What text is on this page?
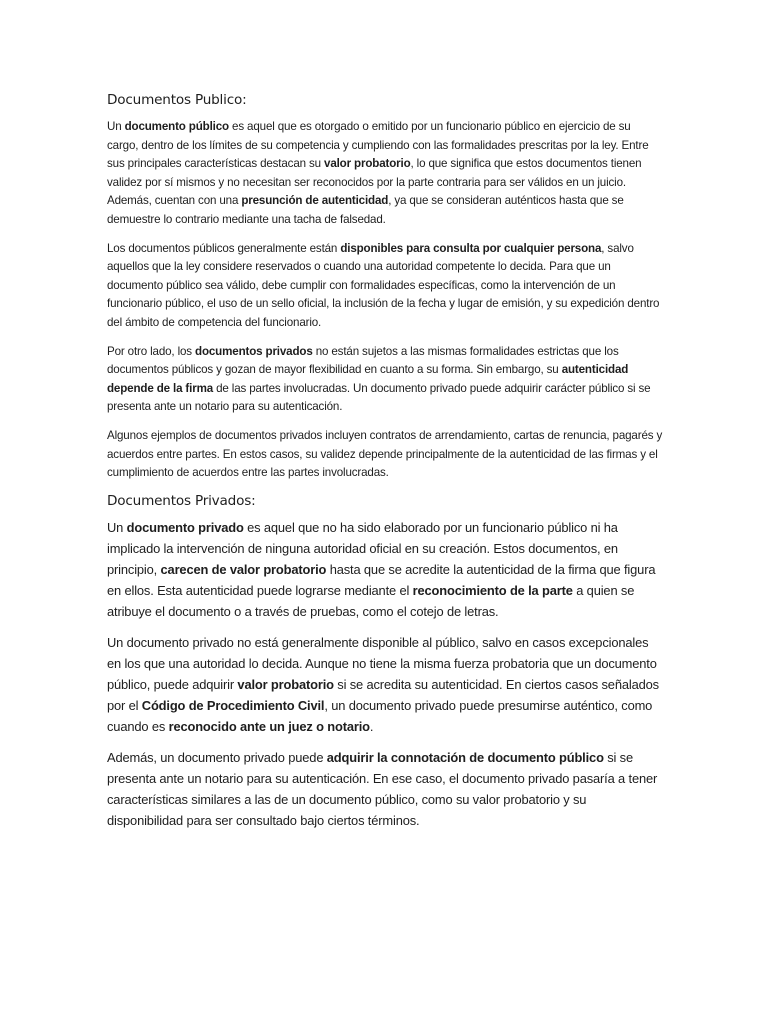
Documentos Publico:

Un documento público es aquel que es otorgado o emitido por un funcionario público en ejercicio de su cargo, dentro de los límites de su competencia y cumpliendo con las formalidades prescritas por la ley. Entre sus principales características destacan su valor probatorio, lo que significa que estos documentos tienen validez por sí mismos y no necesitan ser reconocidos por la parte contraria para ser válidos en un juicio. Además, cuentan con una presunción de autenticidad, ya que se consideran auténticos hasta que se demuestre lo contrario mediante una tacha de falsedad.

Los documentos públicos generalmente están disponibles para consulta por cualquier persona, salvo aquellos que la ley considere reservados o cuando una autoridad competente lo decida. Para que un documento público sea válido, debe cumplir con formalidades específicas, como la intervención de un funcionario público, el uso de un sello oficial, la inclusión de la fecha y lugar de emisión, y su expedición dentro del ámbito de competencia del funcionario.

Por otro lado, los documentos privados no están sujetos a las mismas formalidades estrictas que los documentos públicos y gozan de mayor flexibilidad en cuanto a su forma. Sin embargo, su autenticidad depende de la firma de las partes involucradas. Un documento privado puede adquirir carácter público si se presenta ante un notario para su autenticación.

Algunos ejemplos de documentos privados incluyen contratos de arrendamiento, cartas de renuncia, pagarés y acuerdos entre partes. En estos casos, su validez depende principalmente de la autenticidad de las firmas y el cumplimiento de acuerdos entre las partes involucradas.

Documentos Privados:

Un documento privado es aquel que no ha sido elaborado por un funcionario público ni ha implicado la intervención de ninguna autoridad oficial en su creación. Estos documentos, en principio, carecen de valor probatorio hasta que se acredite la autenticidad de la firma que figura en ellos. Esta autenticidad puede lograrse mediante el reconocimiento de la parte a quien se atribuye el documento o a través de pruebas, como el cotejo de letras.

Un documento privado no está generalmente disponible al público, salvo en casos excepcionales en los que una autoridad lo decida. Aunque no tiene la misma fuerza probatoria que un documento público, puede adquirir valor probatorio si se acredita su autenticidad. En ciertos casos señalados por el Código de Procedimiento Civil, un documento privado puede presumirse auténtico, como cuando es reconocido ante un juez o notario.

Además, un documento privado puede adquirir la connotación de documento público si se presenta ante un notario para su autenticación. En ese caso, el documento privado pasaría a tener características similares a las de un documento público, como su valor probatorio y su disponibilidad para ser consultado bajo ciertos términos.
